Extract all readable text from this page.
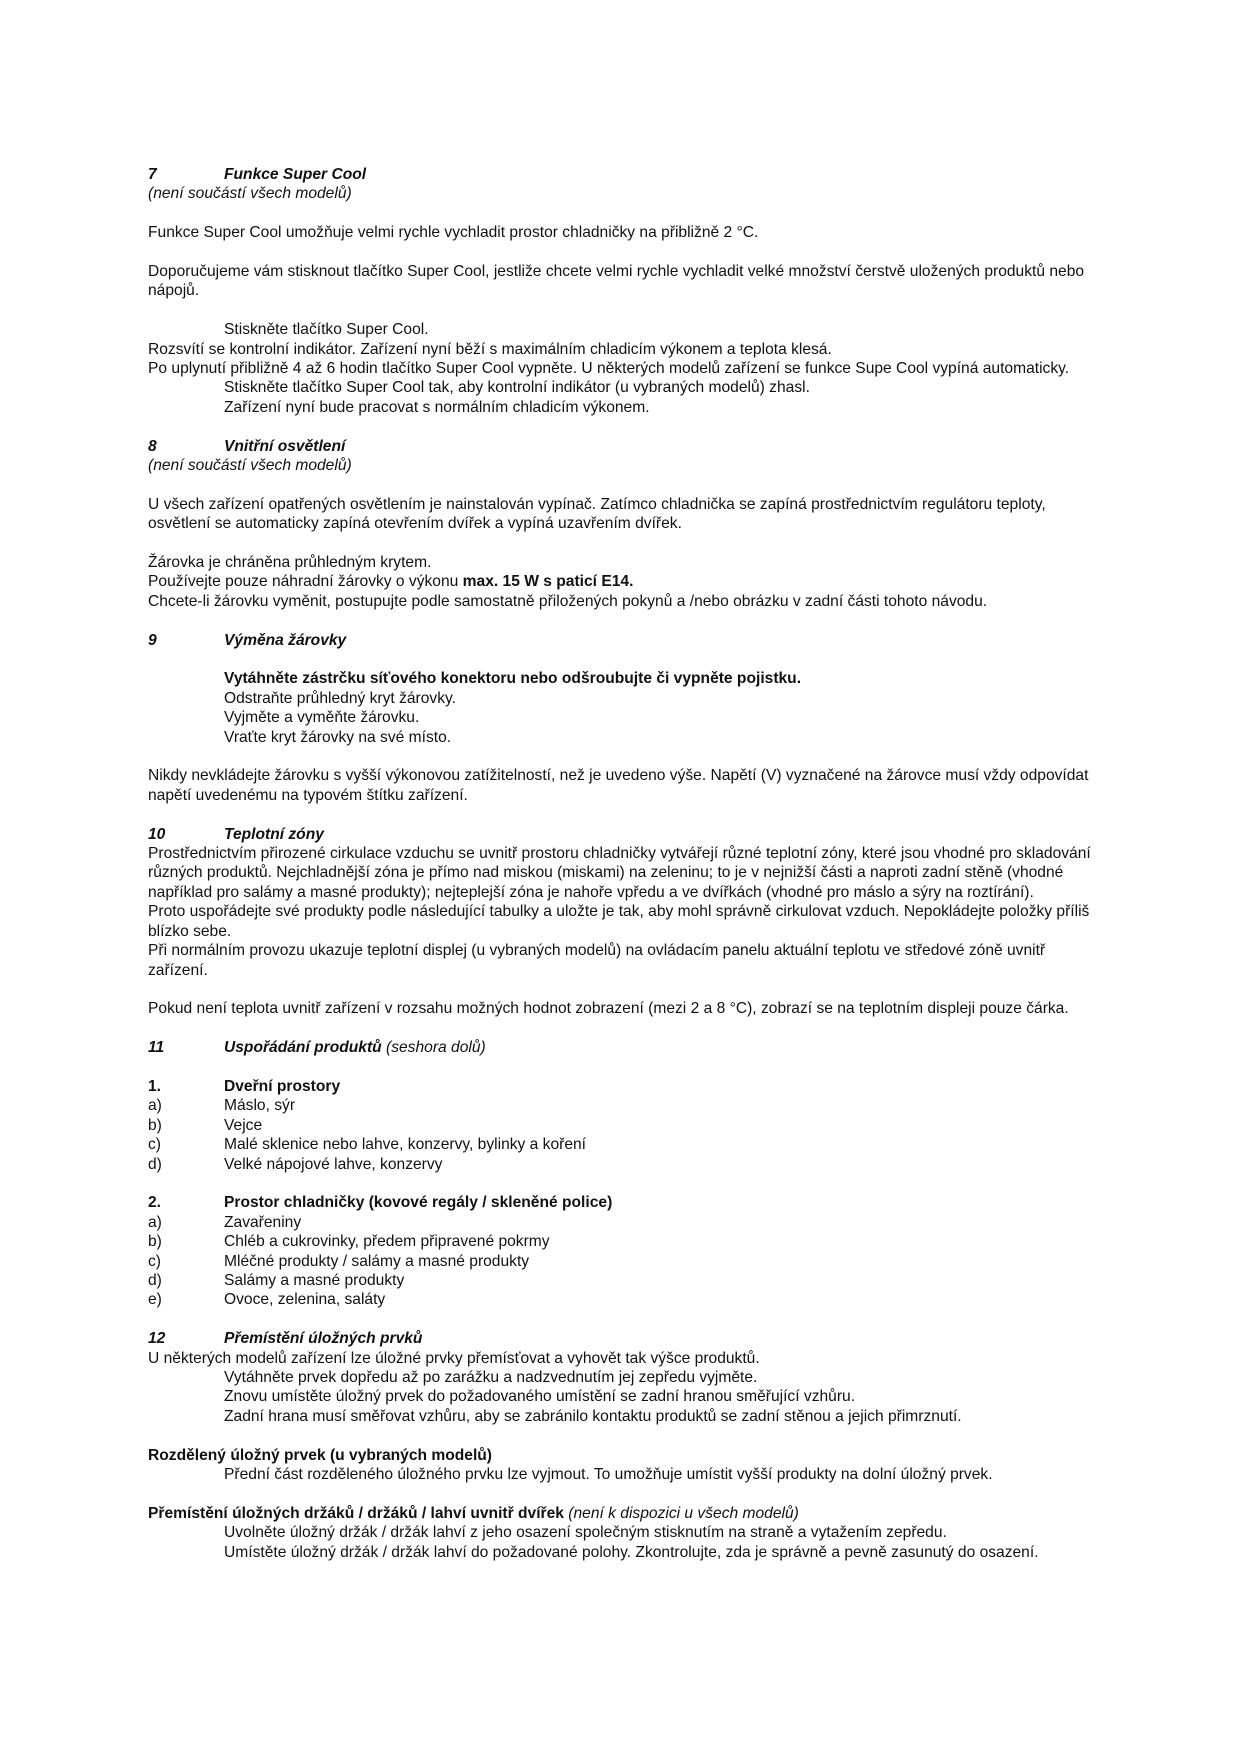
7	Funkce Super Cool

(není součástí všech modelů)

Funkce Super Cool umožňuje velmi rychle vychladit prostor chladničky na přibližně 2 °C.

Doporučujeme vám stisknout tlačítko Super Cool, jestliže chcete velmi rychle vychladit velké množství čerstvě uložených produktů nebo nápojů.

Stiskněte tlačítko Super Cool.

Rozsvítí se kontrolní indikátor. Zařízení nyní běží s maximálním chladicím výkonem a teplota klesá.

Po uplynutí přibližně 4 až 6 hodin tlačítko Super Cool vypněte. U některých modelů zařízení se funkce Supe Cool vypíná automaticky.

Stiskněte tlačítko Super Cool tak, aby kontrolní indikátor (u vybraných modelů) zhasl.

Zařízení nyní bude pracovat s normálním chladicím výkonem.

8	Vnitřní osvětlení

(není součástí všech modelů)

U všech zařízení opatřených osvětlením je nainstalován vypínač. Zatímco chladnička se zapíná prostřednictvím regulátoru teploty, osvětlení se automaticky zapíná otevřením dvířek a vypíná uzavřením dvířek.

Žárovka je chráněna průhledným krytem.

Používejte pouze náhradní žárovky o výkonu max. 15 W s paticí E14.

Chcete-li žárovku vyměnit, postupujte podle samostatně přiložených pokynů a /nebo obrázku v zadní části tohoto návodu.

9	Výměna žárovky

Vytáhněte zástrčku síťového konektoru nebo odšroubujte či vypněte pojistku.

Odstraňte průhledný kryt žárovky.

Vyjměte a vyměňte žárovku.

Vraťte kryt žárovky na své místo.

Nikdy nevkládejte žárovku s vyšší výkonovou zatížitelností, než je uvedeno výše. Napětí (V) vyznačené na žárovce musí vždy odpovídat napětí uvedenému na typovém štítku zařízení.

10	Teplotní zóny

Prostřednictvím přirozené cirkulace vzduchu se uvnitř prostoru chladničky vytvářejí různé teplotní zóny, které jsou vhodné pro skladování různých produktů. Nejchladnější zóna je přímo nad miskou (miskami) na zeleninu; to je v nejnižší části a naproti zadní stěně (vhodné například pro salámy a masné produkty); nejteplejší zóna je nahoře vpředu a ve dvířkách (vhodné pro máslo a sýry na roztírání).

Proto uspořádejte své produkty podle následující tabulky a uložte je tak, aby mohl správně cirkulovat vzduch. Nepokládejte položky příliš blízko sebe.

Při normálním provozu ukazuje teplotní displej (u vybraných modelů) na ovládacím panelu aktuální teplotu ve středové zóně uvnitř zařízení.

Pokud není teplota uvnitř zařízení v rozsahu možných hodnot zobrazení (mezi 2 a 8 °C), zobrazí se na teplotním displeji pouze čárka.

11	Uspořádání produktů (seshora dolů)
1.	Dveřní prostory
a)	Máslo, sýr
b)	Vejce
c)	Malé sklenice nebo lahve, konzervy, bylinky a koření
d)	Velké nápojové lahve, konzervy
2.	Prostor chladničky (kovové regály / skleněné police)
a)	Zavařeniny
b)	Chléb a cukrovinky, předem připravené pokrmy
c)	Mléčné produkty / salámy a masné produkty
d)	Salámy a masné produkty
e)	Ovoce, zelenina, saláty
12	Přemístění úložných prvků

U některých modelů zařízení lze úložné prvky přemísťovat a vyhovět tak výšce produktů.

Vytáhněte prvek dopředu až po zarážku a nadzvednutím jej zepředu vyjměte.

Znovu umístěte úložný prvek do požadovaného umístění se zadní hranou směřující vzhůru.

Zadní hrana musí směřovat vzhůru, aby se zabránilo kontaktu produktů se zadní stěnou a jejich přimrznutí.

Rozdělený úložný prvek (u vybraných modelů)

Přední část rozděleného úložného prvku lze vyjmout. To umožňuje umístit vyšší produkty na dolní úložný prvek.

Přemístění úložných držáků / držáků / lahví uvnitř dvířek (není k dispozici u všech modelů)

Uvolněte úložný držák / držák lahví z jeho osazení společným stisknutím na straně a vytažením zepředu.

Umístěte úložný držák / držák lahví do požadované polohy. Zkontrolujte, zda je správně a pevně zasunutý do osazení.
